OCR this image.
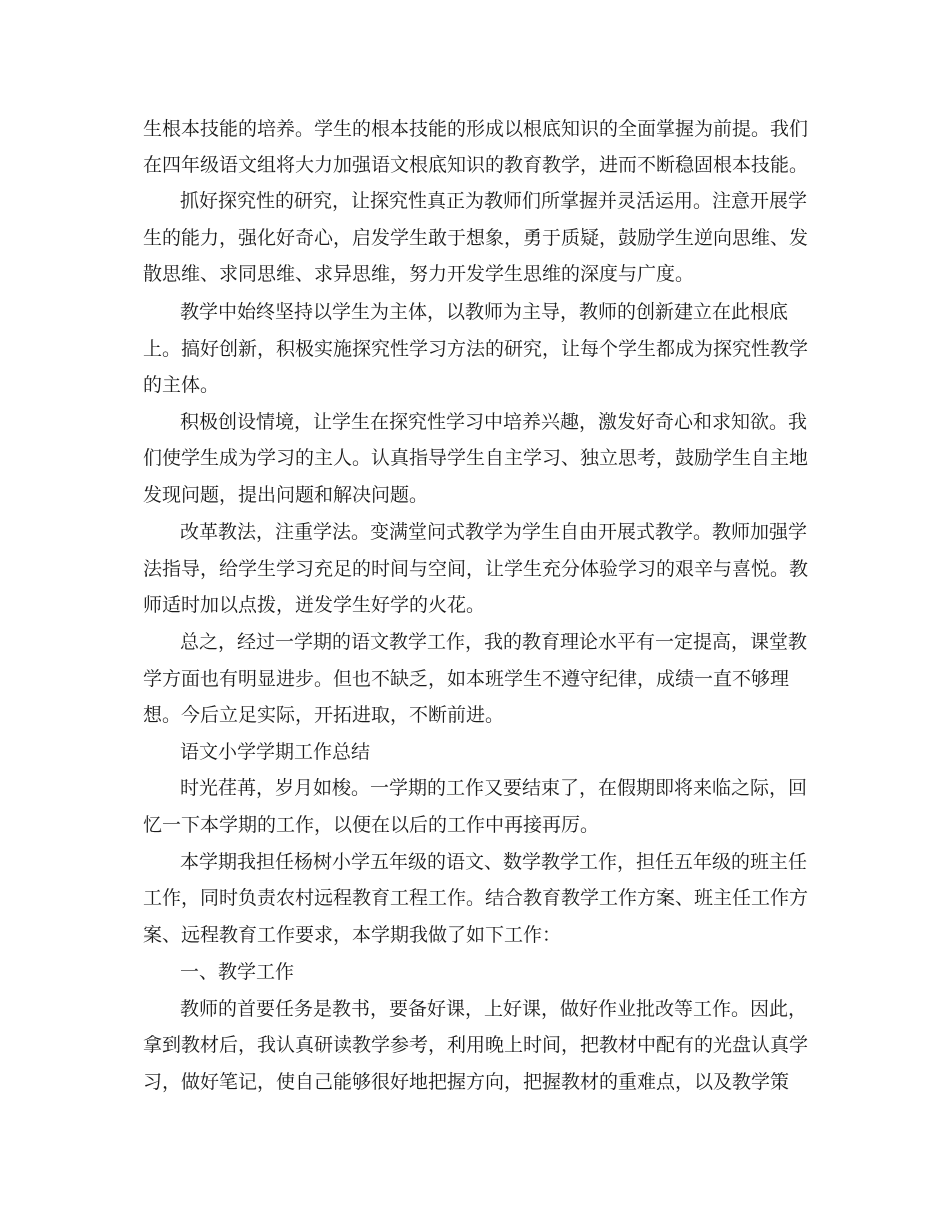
生根本技能的培养。学生的根本技能的形成以根底知识的全面掌握为前提。我们

在四年级语文组将大力加强语文根底知识的教育教学，进而不断稳固根本技能。

抓好探究性的研究，让探究性真正为教师们所掌握并灵活运用。注意开展学

生的能力，强化好奇心，启发学生敢于想象，勇于质疑，鼓励学生逆向思维、发

散思维、求同思维、求异思维，努力开发学生思维的深度与广度。

教学中始终坚持以学生为主体，以教师为主导，教师的创新建立在此根底

上。搞好创新，积极实施探究性学习方法的研究，让每个学生都成为探究性教学

的主体。

积极创设情境，让学生在探究性学习中培养兴趣，激发好奇心和求知欲。我

们使学生成为学习的主人。认真指导学生自主学习、独立思考，鼓励学生自主地

发现问题，提出问题和解决问题。

改革教法，注重学法。变满堂问式教学为学生自由开展式教学。教师加强学

法指导，给学生学习充足的时间与空间，让学生充分体验学习的艰辛与喜悦。教

师适时加以点拨，迸发学生好学的火花。

总之，经过一学期的语文教学工作，我的教育理论水平有一定提高，课堂教

学方面也有明显进步。但也不缺乏，如本班学生不遵守纪律，成绩一直不够理

想。今后立足实际，开拓进取，不断前进。

语文小学学期工作总结

时光荏苒，岁月如梭。一学期的工作又要结束了，在假期即将来临之际，回

忆一下本学期的工作，以便在以后的工作中再接再厉。

本学期我担任杨树小学五年级的语文、数学教学工作，担任五年级的班主任

工作，同时负责农村远程教育工程工作。结合教育教学工作方案、班主任工作方

案、远程教育工作要求，本学期我做了如下工作：

一、教学工作

教师的首要任务是教书，要备好课，上好课，做好作业批改等工作。因此，

拿到教材后，我认真研读教学参考，利用晚上时间，把教材中配有的光盘认真学

习，做好笔记，使自己能够很好地把握方向，把握教材的重难点，以及教学策
